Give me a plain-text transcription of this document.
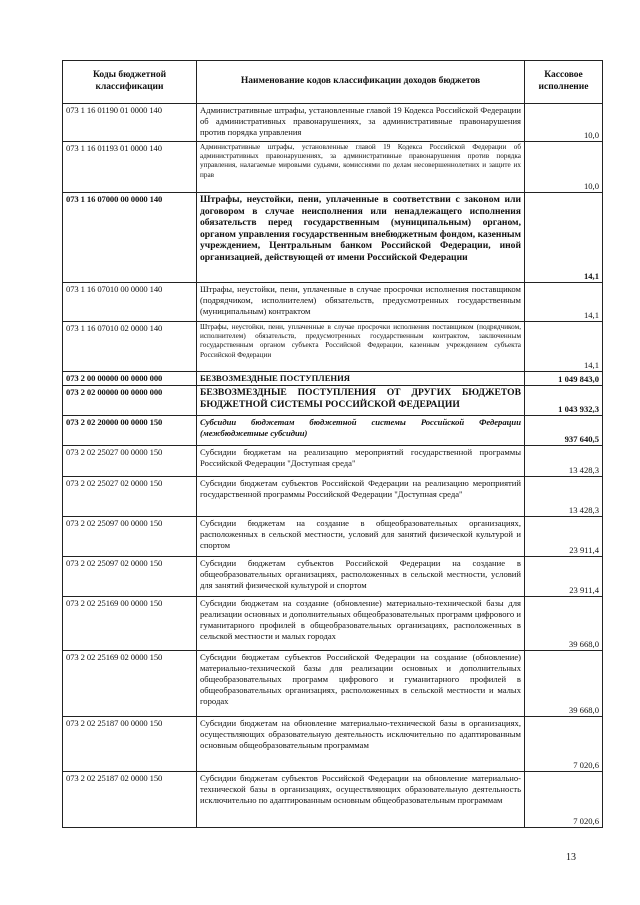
Коды бюджетной классификации	Наименование кодов классификации доходов бюджетов	Кассовое исполнение
073 1 16 01190 01 0000 140	Административные штрафы, установленные главой 19 Кодекса Российской Федерации об административных правонарушениях, за административные правонарушения против порядка управления	10,0
073 1 16 01193 01 0000 140	Административные штрафы, установленные главой 19 Кодекса Российской Федерации об административных правонарушениях, за административные правонарушения против порядка управления, налагаемые мировыми судьями, комиссиями по делам несовершеннолетних и защите их прав	10,0
073 1 16 07000 00 0000 140	Штрафы, неустойки, пени, уплаченные в соответствии с законом или договором в случае неисполнения или ненадлежащего исполнения обязательств перед государственным (муниципальным) органом, органом управления государственным внебюджетным фондом, казенным учреждением, Центральным банком Российской Федерации, иной организацией, действующей от имени Российской Федерации	14,1
073 1 16 07010 00 0000 140	Штрафы, неустойки, пени, уплаченные в случае просрочки исполнения поставщиком (подрядчиком, исполнителем) обязательств, предусмотренных государственным (муниципальным) контрактом	14,1
073 1 16 07010 02 0000 140	Штрафы, неустойки, пени, уплаченные в случае просрочки исполнения поставщиком (подрядчиком, исполнителем) обязательств, предусмотренных государственным контрактом, заключенным государственным органом субъекта Российской Федерации, казенным учреждением субъекта Российской Федерации	14,1
073 2 00 00000 00 0000 000	БЕЗВОЗМЕЗДНЫЕ ПОСТУПЛЕНИЯ	1 049 843,0
073 2 02 00000 00 0000 000	БЕЗВОЗМЕЗДНЫЕ ПОСТУПЛЕНИЯ ОТ ДРУГИХ БЮДЖЕТОВ БЮДЖЕТНОЙ СИСТЕМЫ РОССИЙСКОЙ ФЕДЕРАЦИИ	1 043 932,3
073 2 02 20000 00 0000 150	Субсидии бюджетам бюджетной системы Российской Федерации (межбюджетные субсидии)	937 640,5
073 2 02 25027 00 0000 150	Субсидии бюджетам на реализацию мероприятий государственной программы Российской Федерации "Доступная среда"	13 428,3
073 2 02 25027 02 0000 150	Субсидии бюджетам субъектов Российской Федерации на реализацию мероприятий государственной программы Российской Федерации "Доступная среда"	13 428,3
073 2 02 25097 00 0000 150	Субсидии бюджетам на создание в общеобразовательных организациях, расположенных в сельской местности, условий для занятий физической культурой и спортом	23 911,4
073 2 02 25097 02 0000 150	Субсидии бюджетам субъектов Российской Федерации на создание в общеобразовательных организациях, расположенных в сельской местности, условий для занятий физической культурой и спортом	23 911,4
073 2 02 25169 00 0000 150	Субсидии бюджетам на создание (обновление) материально-технической базы для реализации основных и дополнительных общеобразовательных программ цифрового и гуманитарного профилей в общеобразовательных организациях, расположенных в сельской местности и малых городах	39 668,0
073 2 02 25169 02 0000 150	Субсидии бюджетам субъектов Российской Федерации на создание (обновление) материально-технической базы для реализации основных и дополнительных общеобразовательных программ цифрового и гуманитарного профилей в общеобразовательных организациях, расположенных в сельской местности и малых городах	39 668,0
073 2 02 25187 00 0000 150	Субсидии бюджетам на обновление материально-технической базы в организациях, осуществляющих образовательную деятельность исключительно по адаптированным основным общеобразовательным программам	7 020,6
073 2 02 25187 02 0000 150	Субсидии бюджетам субъектов Российской Федерации на обновление материально-технической базы в организациях, осуществляющих образовательную деятельность исключительно по адаптированным основным общеобразовательным программам	7 020,6
13
